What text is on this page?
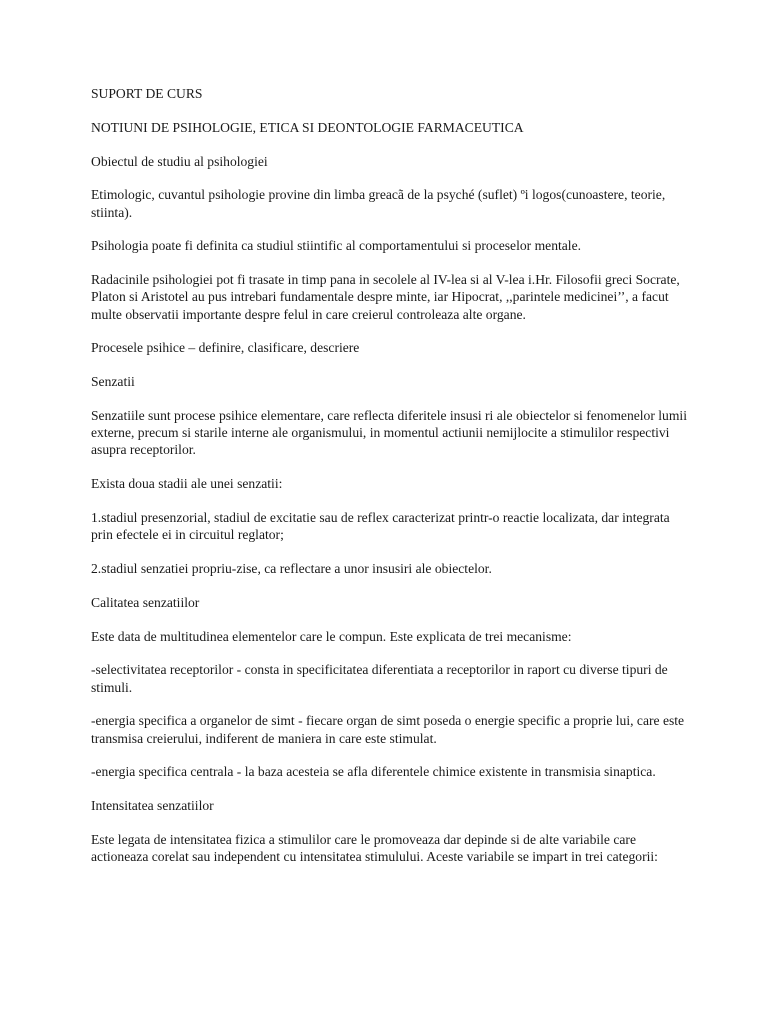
SUPORT DE CURS

NOTIUNI DE PSIHOLOGIE, ETICA SI DEONTOLOGIE FARMACEUTICA

Obiectul de studiu al psihologiei

Etimologic, cuvantul psihologie provine din limba greacã de la psyché (suflet) ºi logos(cunoastere, teorie, stiinta).

Psihologia poate fi definita ca studiul stiintific al comportamentului si proceselor mentale.

Radacinile psihologiei pot fi trasate in timp pana in secolele al IV-lea si al V-lea i.Hr. Filosofii greci Socrate, Platon si Aristotel au pus intrebari fundamentale despre minte, iar Hipocrat, ,,parintele medicinei’’, a facut multe observatii importante despre felul in care creierul controleaza alte organe.

Procesele psihice – definire, clasificare, descriere

Senzatii

Senzatiile sunt procese psihice elementare, care reflecta diferitele insusi ri ale obiectelor si fenomenelor lumii externe, precum si starile interne ale organismului, in momentul actiunii nemijlocite a stimulilor respectivi asupra receptorilor.

Exista doua stadii ale unei senzatii:

1.stadiul presenzorial, stadiul de excitatie sau de reflex caracterizat printr-o reactie localizata, dar integrata prin efectele ei in circuitul reglator;

2.stadiul senzatiei propriu-zise, ca reflectare a unor insusiri ale obiectelor.

Calitatea senzatiilor

Este data de multitudinea elementelor care le compun. Este explicata de trei mecanisme:

-selectivitatea receptorilor - consta in specificitatea diferentiata a receptorilor in raport cu diverse tipuri de stimuli.

-energia specifica a organelor de simt - fiecare organ de simt poseda o energie specific a proprie lui, care este transmisa creierului, indiferent de maniera in care este stimulat.

-energia specifica centrala - la baza acesteia se afla diferentele chimice existente in transmisia sinaptica.

Intensitatea senzatiilor

Este legata de intensitatea fizica a stimulilor care le promoveaza dar depinde si de alte variabile care actioneaza corelat sau independent cu intensitatea stimulului. Aceste variabile se impart in trei categorii:
